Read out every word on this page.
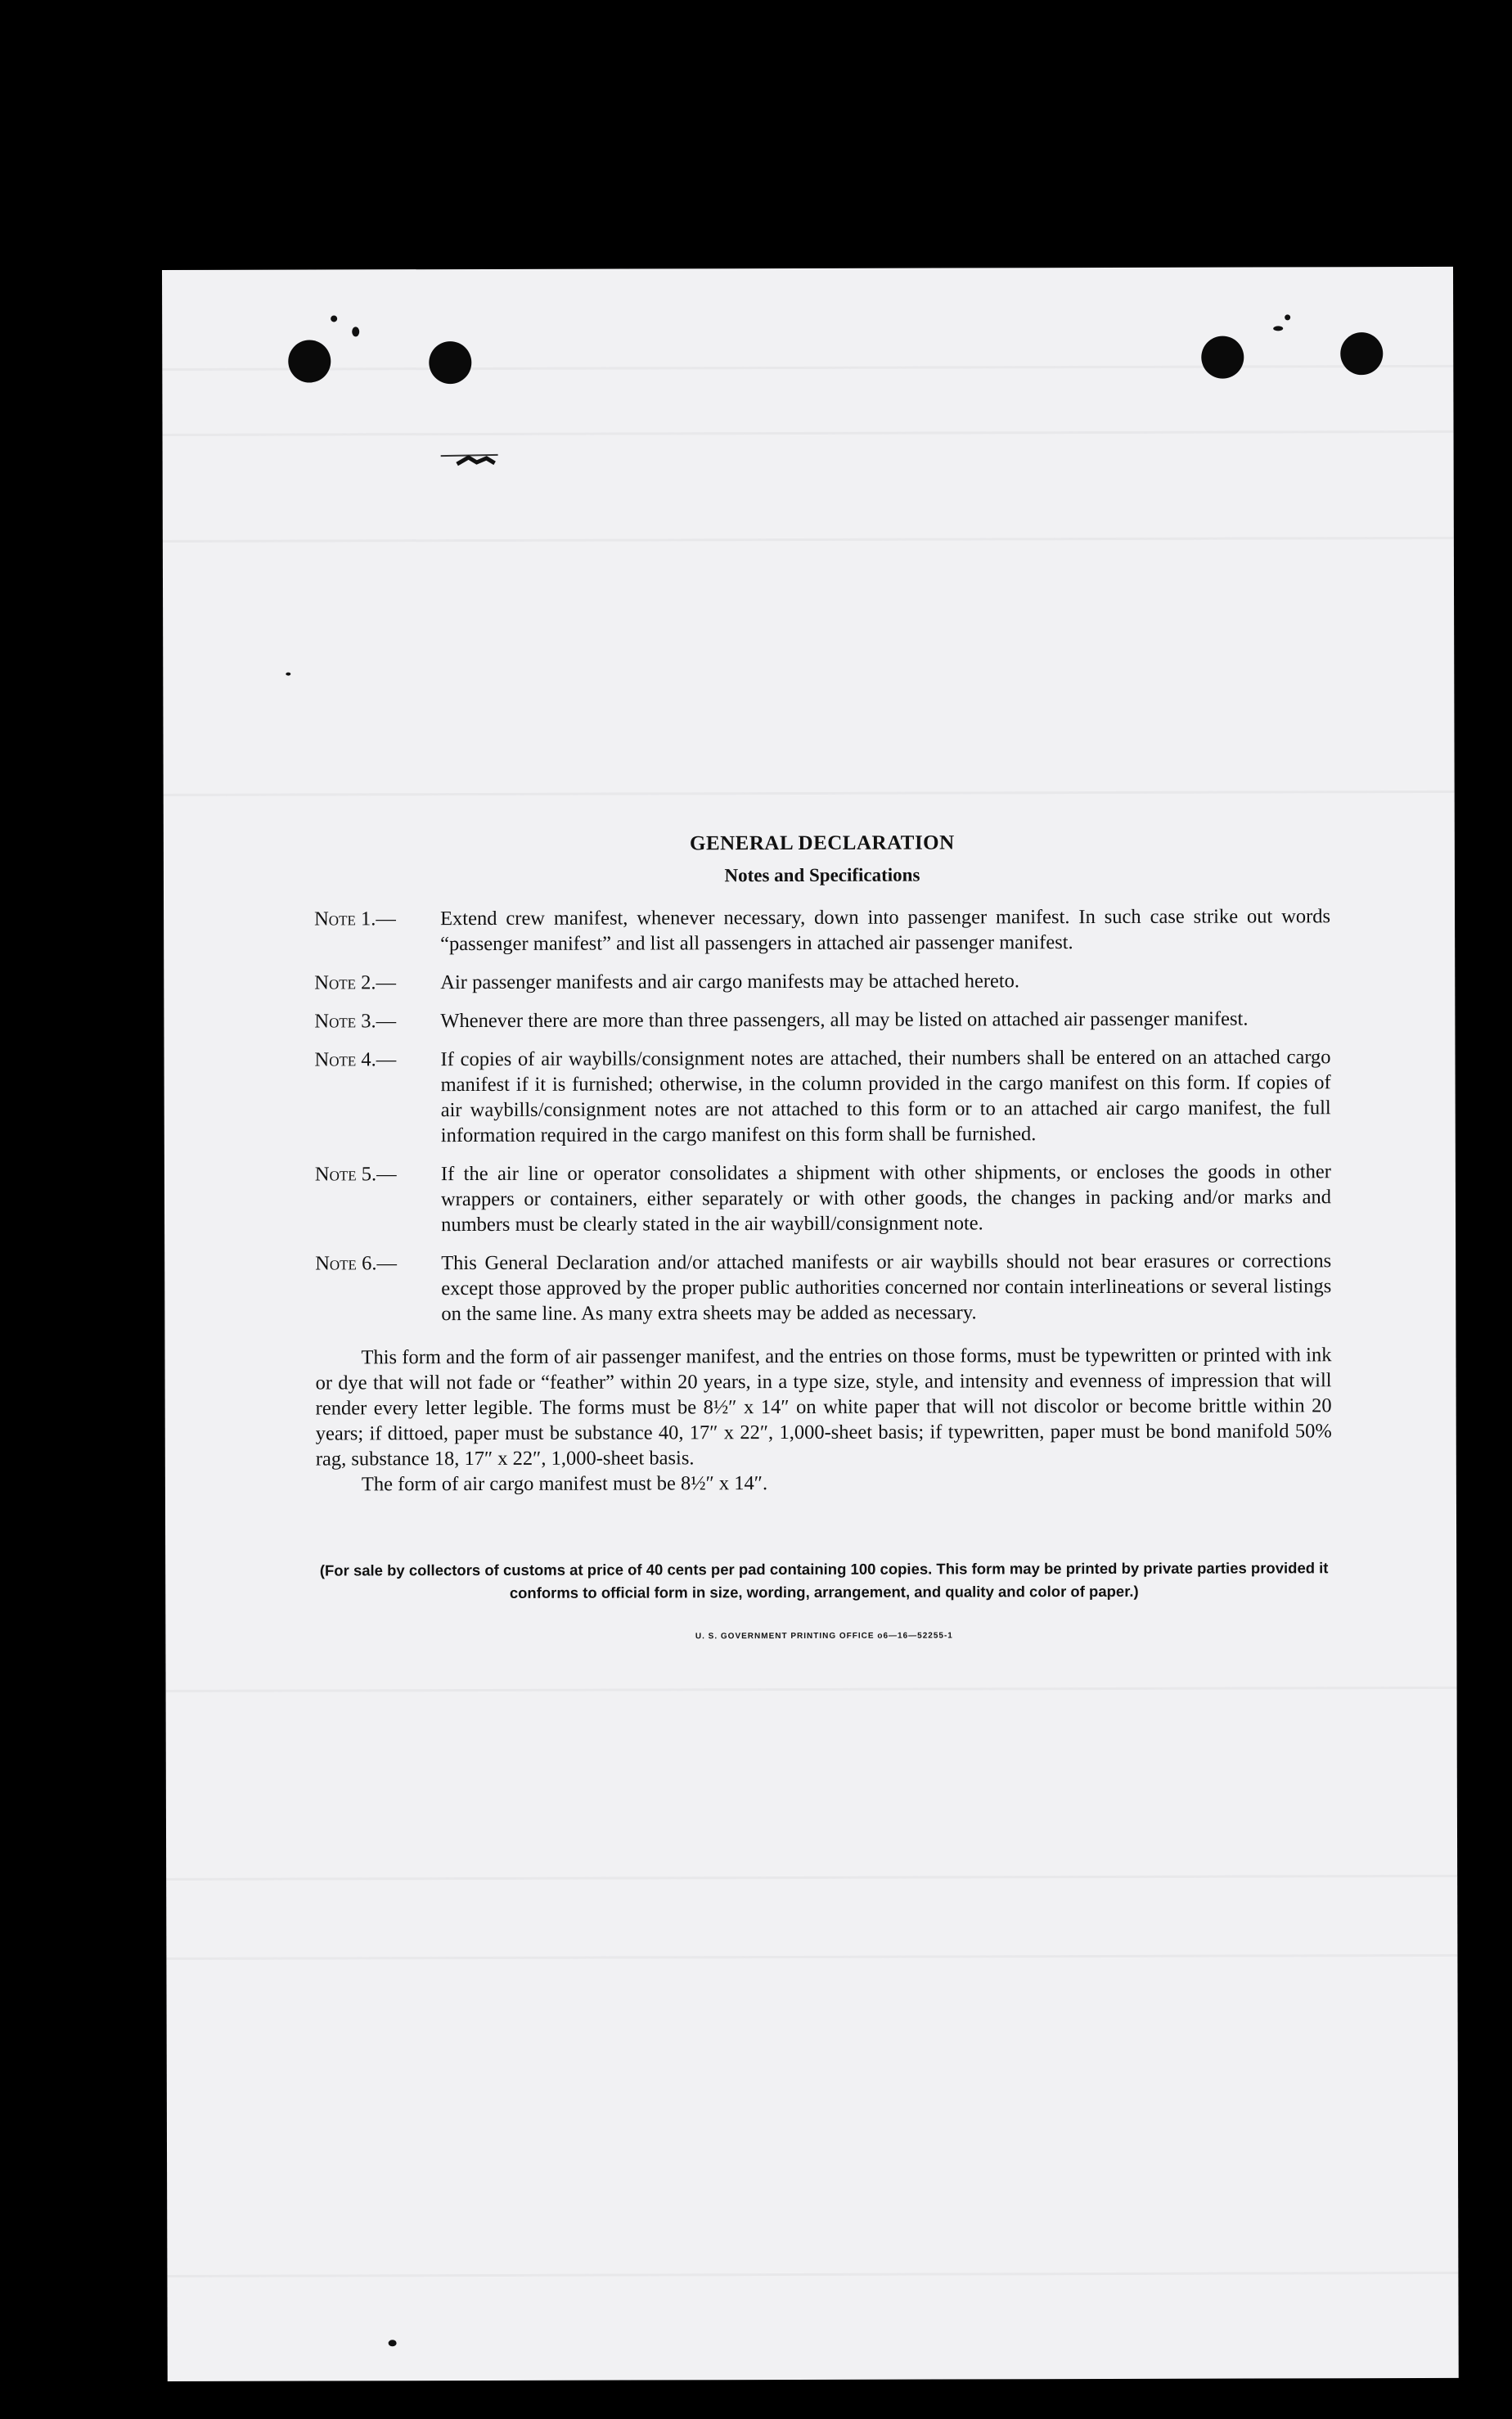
GENERAL DECLARATION
Notes and Specifications

Note 1.— Extend crew manifest, whenever necessary, down into passenger manifest. In such case strike out words “passenger manifest” and list all passengers in attached air passenger manifest.

Note 2.— Air passenger manifests and air cargo manifests may be attached hereto.

Note 3.— Whenever there are more than three passengers, all may be listed on attached air passenger manifest.

Note 4.— If copies of air waybills/consignment notes are attached, their numbers shall be entered on an attached cargo manifest if it is furnished; otherwise, in the column provided in the cargo manifest on this form. If copies of air waybills/consignment notes are not attached to this form or to an attached air cargo manifest, the full information required in the cargo manifest on this form shall be furnished.

Note 5.— If the air line or operator consolidates a shipment with other shipments, or encloses the goods in other wrappers or containers, either separately or with other goods, the changes in packing and/or marks and numbers must be clearly stated in the air waybill/consignment note.

Note 6.— This General Declaration and/or attached manifests or air waybills should not bear erasures or corrections except those approved by the proper public authorities concerned nor contain interlineations or several listings on the same line. As many extra sheets may be added as necessary.

This form and the form of air passenger manifest, and the entries on those forms, must be typewritten or printed with ink or dye that will not fade or “feather” within 20 years, in a type size, style, and intensity and evenness of impression that will render every letter legible. The forms must be 8½″ x 14″ on white paper that will not discolor or become brittle within 20 years; if dittoed, paper must be substance 40, 17″ x 22″, 1,000-sheet basis; if typewritten, paper must be bond manifold 50% rag, substance 18, 17″ x 22″, 1,000-sheet basis.

The form of air cargo manifest must be 8½″ x 14″.

(For sale by collectors of customs at price of 40 cents per pad containing 100 copies. This form may be printed by private parties provided it conforms to official form in size, wording, arrangement, and quality and color of paper.)

U. S. GOVERNMENT PRINTING OFFICE o6—16—52255-1
